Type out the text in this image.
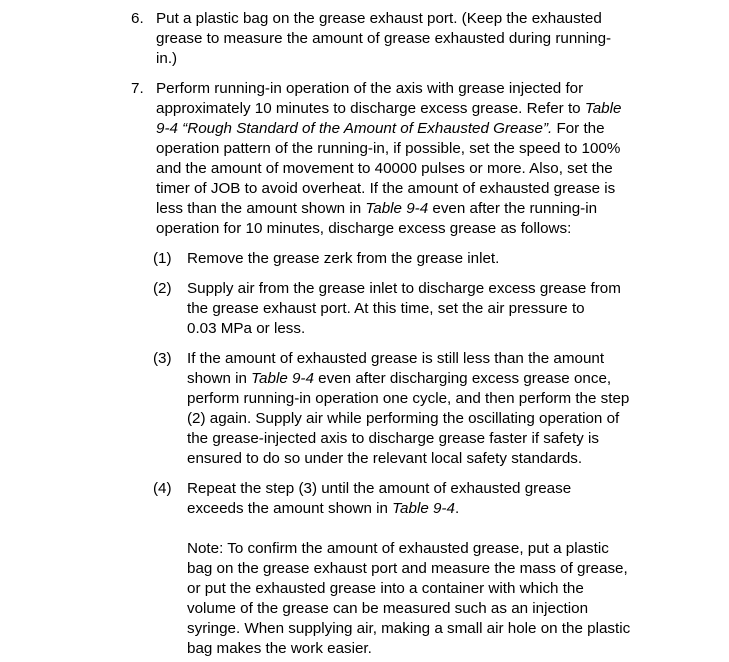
6. Put a plastic bag on the grease exhaust port. (Keep the exhausted
grease to measure the amount of grease exhausted during running-
in.)
7. Perform running-in operation of the axis with grease injected for
approximately 10 minutes to discharge excess grease. Refer to Table
9-4 “Rough Standard of the Amount of Exhausted Grease”. For the
operation pattern of the running-in, if possible, set the speed to 100%
and the amount of movement to 40000 pulses or more. Also, set the
timer of JOB to avoid overheat. If the amount of exhausted grease is
less than the amount shown in Table 9-4 even after the running-in
operation for 10 minutes, discharge excess grease as follows:
(1) Remove the grease zerk from the grease inlet.
(2) Supply air from the grease inlet to discharge excess grease from
the grease exhaust port. At this time, set the air pressure to
0.03 MPa or less.
(3) If the amount of exhausted grease is still less than the amount
shown in Table 9-4 even after discharging excess grease once,
perform running-in operation one cycle, and then perform the step
(2) again. Supply air while performing the oscillating operation of
the grease-injected axis to discharge grease faster if safety is
ensured to do so under the relevant local safety standards.
(4) Repeat the step (3) until the amount of exhausted grease
exceeds the amount shown in Table 9-4.
Note: To confirm the amount of exhausted grease, put a plastic
bag on the grease exhaust port and measure the mass of grease,
or put the exhausted grease into a container with which the
volume of the grease can be measured such as an injection
syringe. When supplying air, making a small air hole on the plastic
bag makes the work easier.
